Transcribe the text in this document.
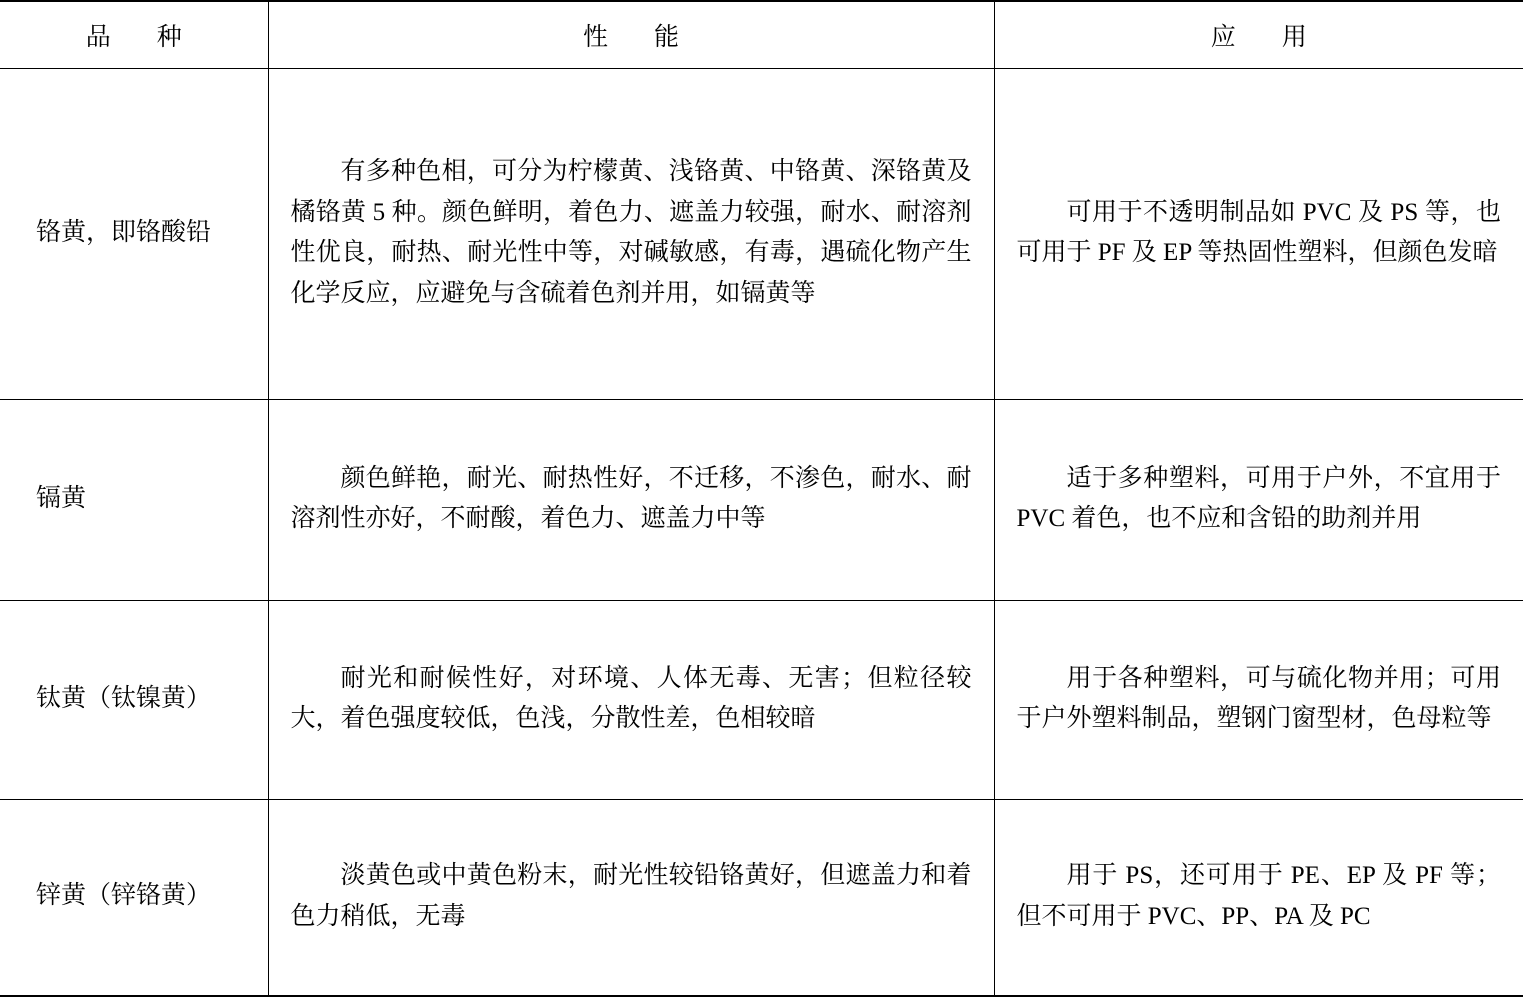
品　种	性　能	应　用

铬黄，即铬酸铅	有多种色相，可分为柠檬黄、浅铬黄、中铬黄、深铬黄及橘铬黄 5 种。颜色鲜明，着色力、遮盖力较强，耐水、耐溶剂性优良，耐热、耐光性中等，对碱敏感，有毒，遇硫化物产生化学反应，应避免与含硫着色剂并用，如镉黄等	可用于不透明制品如 PVC 及 PS 等，也可用于 PF 及 EP 等热固性塑料，但颜色发暗

镉黄	颜色鲜艳，耐光、耐热性好，不迁移，不渗色，耐水、耐溶剂性亦好，不耐酸，着色力、遮盖力中等	适于多种塑料，可用于户外，不宜用于 PVC 着色，也不应和含铅的助剂并用

钛黄（钛镍黄）	耐光和耐候性好，对环境、人体无毒、无害；但粒径较大，着色强度较低，色浅，分散性差，色相较暗	用于各种塑料，可与硫化物并用；可用于户外塑料制品，塑钢门窗型材，色母粒等

锌黄（锌铬黄）	淡黄色或中黄色粉末，耐光性较铅铬黄好，但遮盖力和着色力稍低，无毒	用于 PS，还可用于 PE、EP 及 PF 等；但不可用于 PVC、PP、PA 及 PC
